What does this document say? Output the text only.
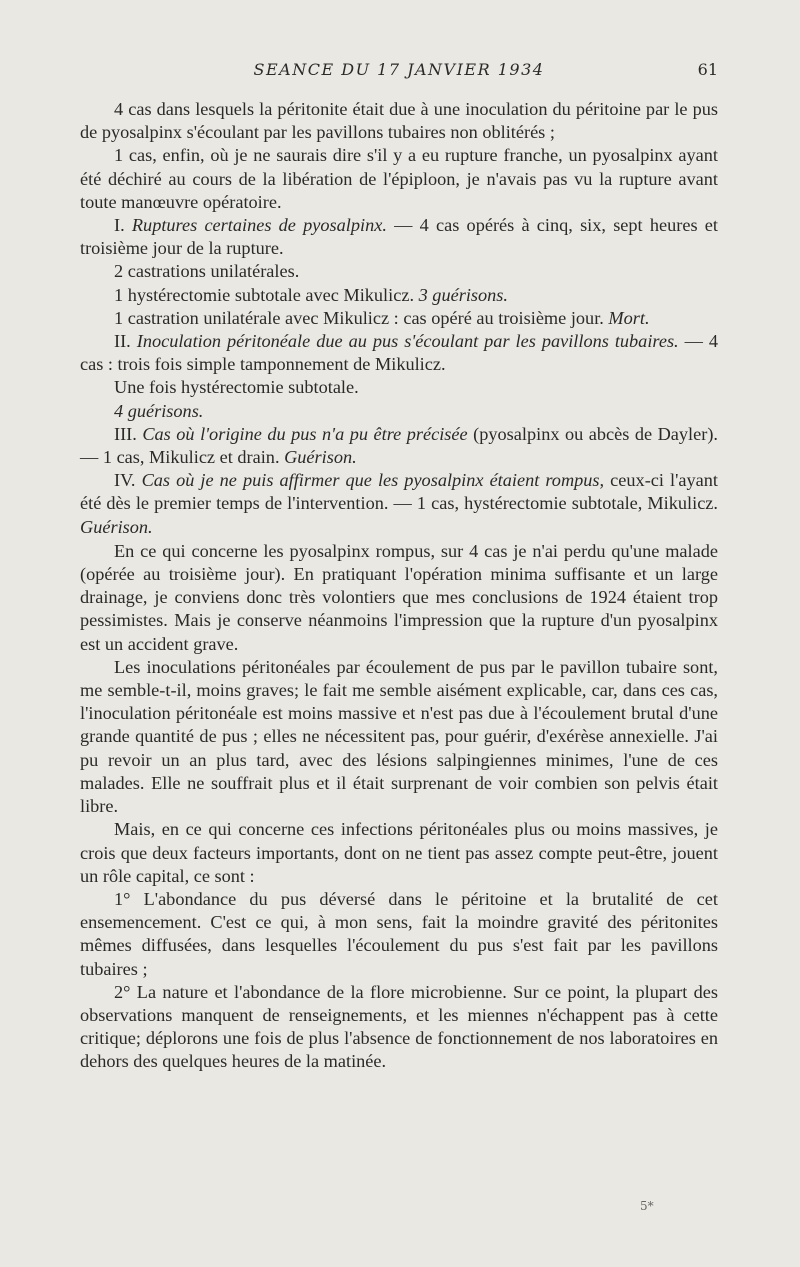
SEANCE DU 17 JANVIER 1934	61

4 cas dans lesquels la péritonite était due à une inoculation du péritoine par le pus de pyosalpinx s'écoulant par les pavillons tubaires non oblitérés ;

1 cas, enfin, où je ne saurais dire s'il y a eu rupture franche, un pyosalpinx ayant été déchiré au cours de la libération de l'épiploon, je n'avais pas vu la rupture avant toute manœuvre opératoire.

I. Ruptures certaines de pyosalpinx. — 4 cas opérés à cinq, six, sept heures et troisième jour de la rupture.

2 castrations unilatérales.

1 hystérectomie subtotale avec Mikulicz. 3 guérisons.

1 castration unilatérale avec Mikulicz : cas opéré au troisième jour. Mort.

II. Inoculation péritonéale due au pus s'écoulant par les pavillons tubaires. — 4 cas : trois fois simple tamponnement de Mikulicz.

Une fois hystérectomie subtotale.

4 guérisons.

III. Cas où l'origine du pus n'a pu être précisée (pyosalpinx ou abcès de Dayler). — 1 cas, Mikulicz et drain. Guérison.

IV. Cas où je ne puis affirmer que les pyosalpinx étaient rompus, ceux-ci l'ayant été dès le premier temps de l'intervention. — 1 cas, hystérectomie subtotale, Mikulicz. Guérison.

En ce qui concerne les pyosalpinx rompus, sur 4 cas je n'ai perdu qu'une malade (opérée au troisième jour). En pratiquant l'opération minima suffisante et un large drainage, je conviens donc très volontiers que mes conclusions de 1924 étaient trop pessimistes. Mais je conserve néanmoins l'impression que la rupture d'un pyosalpinx est un accident grave.

Les inoculations péritonéales par écoulement de pus par le pavillon tubaire sont, me semble-t-il, moins graves; le fait me semble aisément explicable, car, dans ces cas, l'inoculation péritonéale est moins massive et n'est pas due à l'écoulement brutal d'une grande quantité de pus ; elles ne nécessitent pas, pour guérir, d'exérèse annexielle. J'ai pu revoir un an plus tard, avec des lésions salpingiennes minimes, l'une de ces malades. Elle ne souffrait plus et il était surprenant de voir combien son pelvis était libre.

Mais, en ce qui concerne ces infections péritonéales plus ou moins massives, je crois que deux facteurs importants, dont on ne tient pas assez compte peut-être, jouent un rôle capital, ce sont :

1° L'abondance du pus déversé dans le péritoine et la brutalité de cet ensemencement. C'est ce qui, à mon sens, fait la moindre gravité des péritonites mêmes diffusées, dans lesquelles l'écoulement du pus s'est fait par les pavillons tubaires ;

2° La nature et l'abondance de la flore microbienne. Sur ce point, la plupart des observations manquent de renseignements, et les miennes n'échappent pas à cette critique; déplorons une fois de plus l'absence de fonctionnement de nos laboratoires en dehors des quelques heures de la matinée.

5*
